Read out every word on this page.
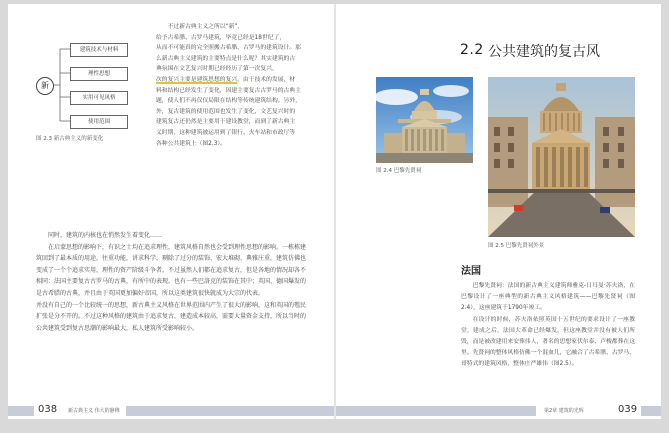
新
建筑技术与材料
理性思想
实用可见风格
使用范围
图 2.3 新古典主义的新变化
不过新古典主义之所以“新”，
给予古希腊、古罗马建筑，毕竟已经是18世纪了，
从而不可能真的完全照搬古希腊、古罗马的建筑设计。那
么新古典主义建筑的主要特点是什么呢？其实建筑的古
典氛围在文艺复兴时期已经经历了第一次复兴，
次的复兴主要是建筑思想的复兴，由于技术的发展，材
料和结构已经发生了变化，因建主要复古古罗马的古典主
题，使人们不再仅仅局限在结构等传统建筑结构。另外，
外，复古建筑的使用范围也发生了变化，文艺复兴时的
建筑复古还仍然是主要用于建设教堂，而到了新古典主
义时期，这种建筑被运用到了银行、火车站和市政厅等
各种公共建筑上（图2.3）。

同时，建筑的内核也在悄然发生着变化……

在启蒙思想的影响下，有识之士均在追求理性，建筑风格自然也会受到理性思想的影响。一栋栋建筑回到了最本质的用途，往重功能，讲求科学，剔除了过分的装饰、宏大堆砌、典雅庄重，建筑仿佛也变成了一个个追求实用，理性的资产阶级斗争者。不过虽然人们都在追求复古，但是各地的情况却各不相同：法国主要复古古罗马的古典，有所中的表现。也有一些巴洛克的装饰在其中；英国、德国爆发的是古希腊的古典，并且由于英国更加偏好帝国，所以这类建筑很快就成为大宗的代表。

并没有自己的一个比较统一的思想，新古典主义风格在世界范围内产生了很大的影响，这和英国的殖民扩张是分不开的。不过这种风格的建筑由于追求复古，建造成本较高，需要大量资金支持，所以当时的公共建筑受到复古思潮的影响最大，私人建筑所受影响较小。

038 新古典主义 伟大的静穆
2.2 公共建筑的复古风
图 2.4 巴黎先贤祠
图 2.5 巴黎先贤祠外景
法国

巴黎先贤祠：法国的新古典主义建筑师雅克-日耳曼·苏夫洛，在巴黎设计了一座典型的新古典主义风格建筑——巴黎先贤祠（图2.4），这座建筑于1790年竣工。

在设计的时候，苏夫洛依照英国十五世纪的要求设计了一座教堂，建成之后，法国大革命已经爆发，但这座教堂并没有被人们所毁，而是被改建用来安葬伟人，著名的思想家伏尔泰、卢梭都葬在这里。先贤祠的整体风格仿佛一个混血儿，它融合了古希腊、古罗马、哥特式的建筑风格，整体庄严雄伟（图2.5）。

第2章 建筑的光辉	039
